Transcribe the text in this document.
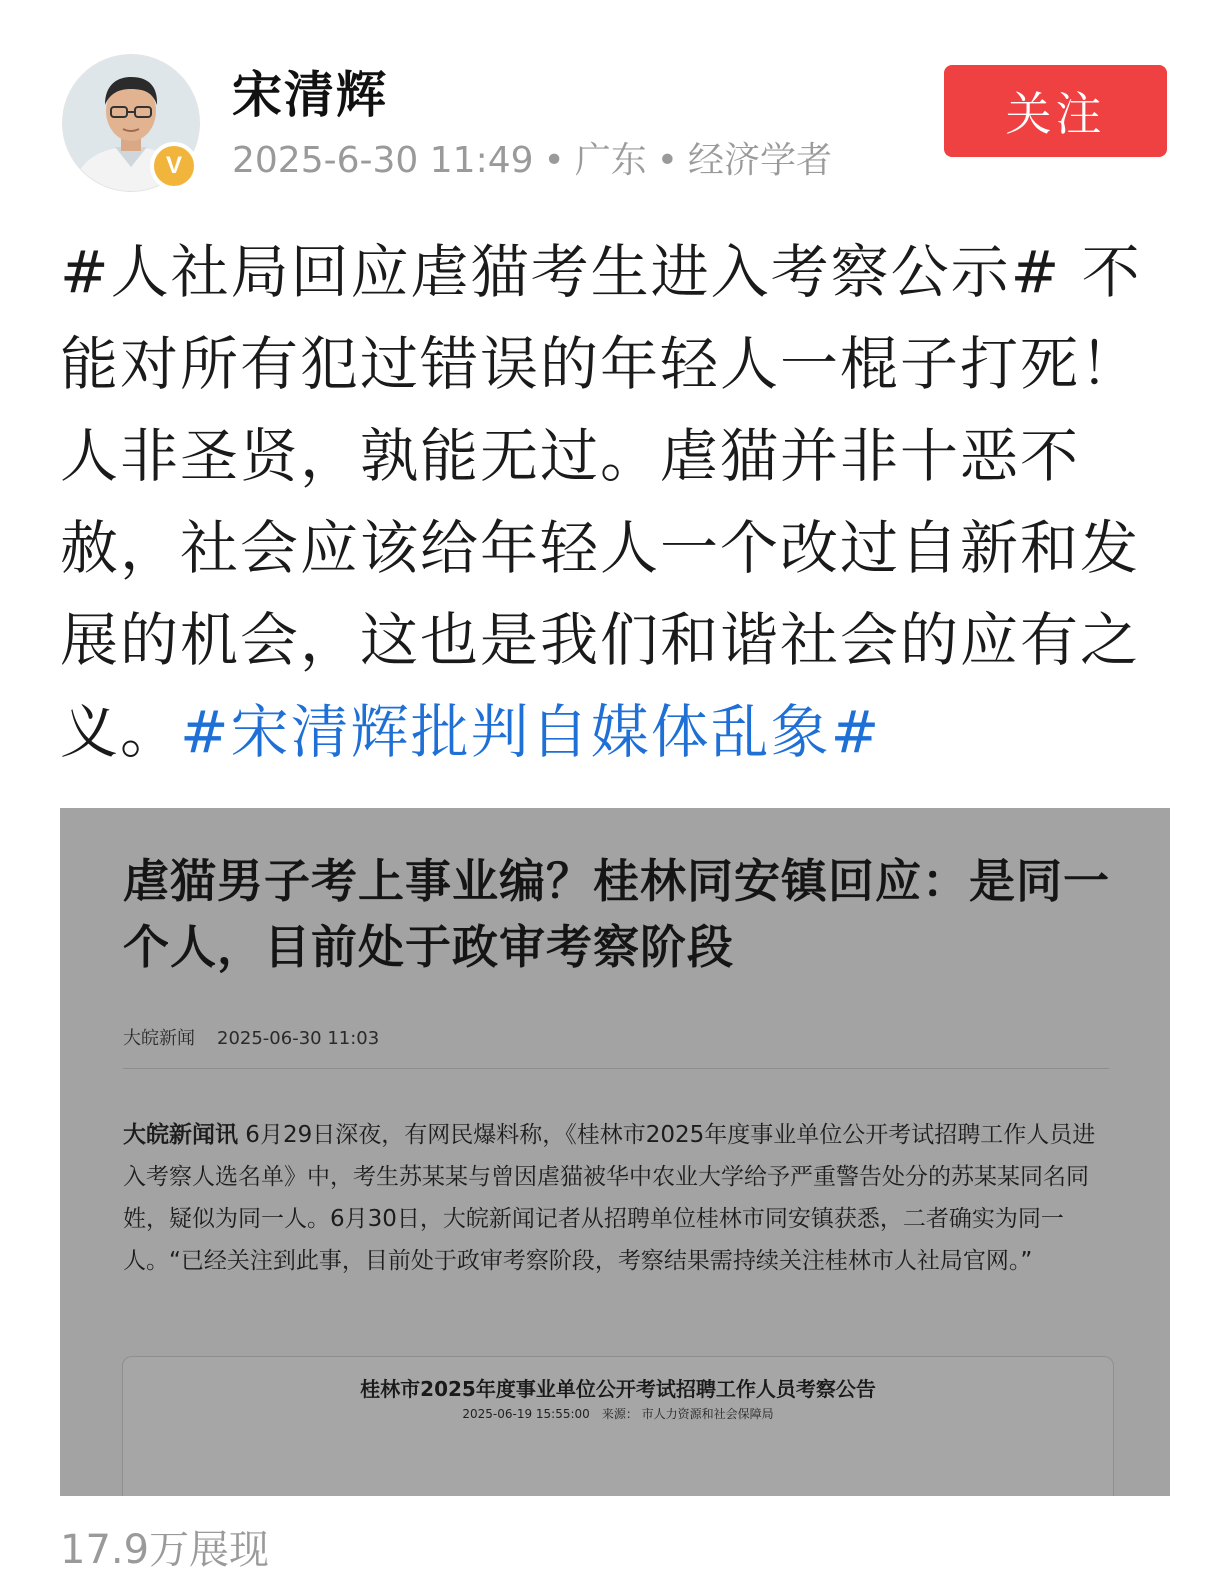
V
宋清辉
2025-6-30 11:49 • 广东 • 经济学者
关注
#人社局回应虐猫考生进入考察公示# 不能对所有犯过错误的年轻人一棍子打死！人非圣贤，孰能无过。虐猫并非十恶不赦，社会应该给年轻人一个改过自新和发展的机会，这也是我们和谐社会的应有之义。#宋清辉批判自媒体乱象#
虐猫男子考上事业编？桂林同安镇回应：是同一个人，目前处于政审考察阶段
大皖新闻 2025-06-30 11:03
大皖新闻讯 6月29日深夜，有网民爆料称，《桂林市2025年度事业单位公开考试招聘工作人员进入考察人选名单》中，考生苏某某与曾因虐猫被华中农业大学给予严重警告处分的苏某某同名同姓，疑似为同一人。6月30日，大皖新闻记者从招聘单位桂林市同安镇获悉，二者确实为同一人。“已经关注到此事，目前处于政审考察阶段，考察结果需持续关注桂林市人社局官网。”
桂林市2025年度事业单位公开考试招聘工作人员考察公告
2025-06-19 15:55:00 来源： 市人力资源和社会保障局
17.9万展现
